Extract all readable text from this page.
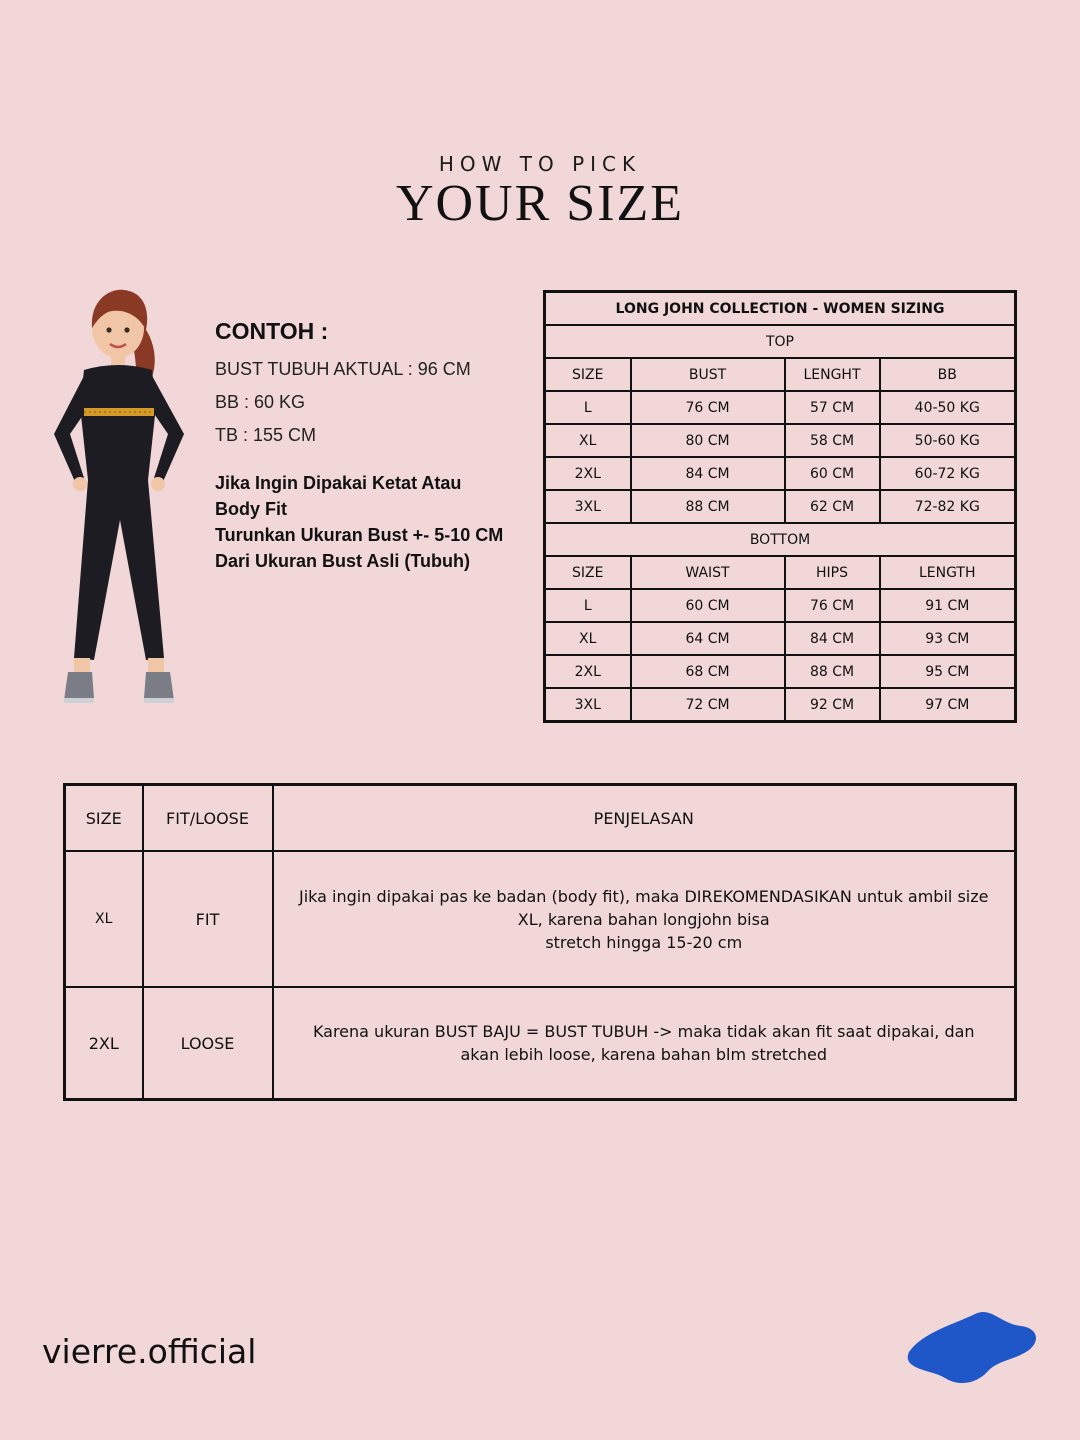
HOW TO PICK
YOUR SIZE
CONTOH :
BUST TUBUH AKTUAL : 96 CM
BB : 60 KG
TB : 155 CM
Jika Ingin Dipakai Ketat Atau
Body Fit
Turunkan Ukuran Bust +- 5-10 CM
Dari Ukuran Bust Asli (Tubuh)
LONG JOHN COLLECTION - WOMEN SIZING			
TOP			
SIZE	BUST	LENGHT	BB
L	76 CM	57 CM	40-50 KG
XL	80 CM	58 CM	50-60 KG
2XL	84 CM	60 CM	60-72 KG
3XL	88 CM	62 CM	72-82 KG
BOTTOM			
SIZE	WAIST	HIPS	LENGTH
L	60 CM	76 CM	91 CM
XL	64 CM	84 CM	93 CM
2XL	68 CM	88 CM	95 CM
3XL	72 CM	92 CM	97 CM
SIZE	FIT/LOOSE	PENJELASAN
XL	FIT	Jika ingin dipakai pas ke badan (body fit), maka DIREKOMENDASIKAN untuk ambil size
XL, karena bahan longjohn bisa
stretch hingga 15-20 cm

2XL	LOOSE	Karena ukuran BUST BAJU = BUST TUBUH -> maka tidak akan fit saat dipakai, dan
akan lebih loose, karena bahan blm stretched
vierre.official
